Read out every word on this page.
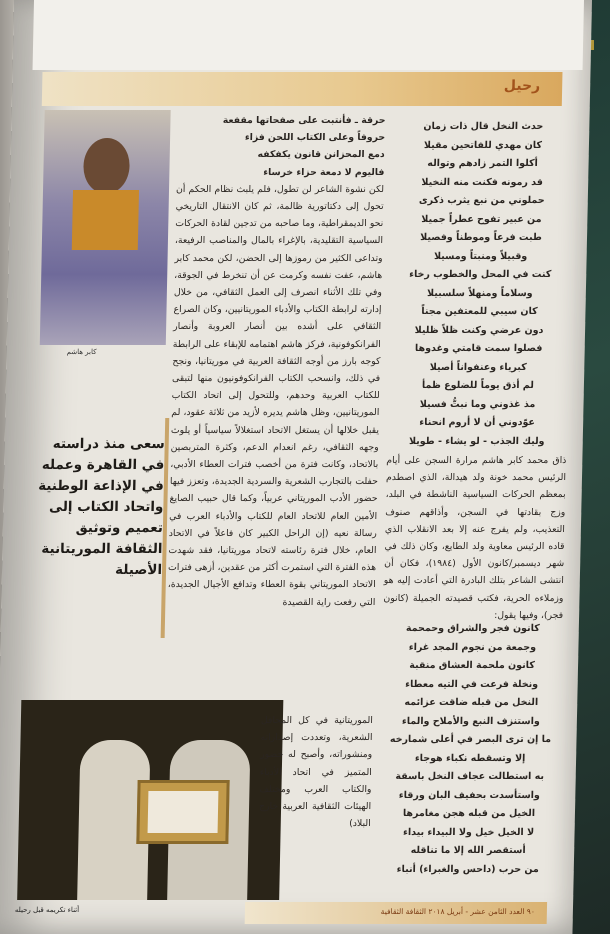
رحيل
كابر هاشم
سعى منذ دراسته في القاهرة وعمله في الإذاعة الوطنية واتحاد الكتاب إلى تعميم وتوثيق الثقافة الموريتانية الأصيلة
حرقة ـ فأنتبت على صفحاتها مقفعة
حروفاً وعلى الكتاب اللحن فزاء
دمع المحزانن قانون يكفكفه
فاليوم لا دمعة حزاء خرساء
لكن نشوة الشاعر لن تطول، فلم يلبث نظام الحكم أن تحول إلى دكتاتورية ظالمة، ثم كان الانتقال التاريخي نحو الديمقراطية، وما صاحبه من تدجين لقادة الحركات السياسية التقليدية، بالإغراء بالمال والمناصب الرفيعة، وتداعى الكثير من رموزها إلى الحضن، لكن محمد كابر هاشم، عفت نفسه وكرمت عن أن تنخرط في الجوقة، وفي تلك الأثناء انصرف إلى العمل الثقافي، من خلال إدارته لرابطة الكتاب والأدباء الموريتانيين، وكان الصراع الثقافي على أشده بين أنصار العروبة وأنصار الفرانكوفونية، فركز هاشم اهتمامه للإبقاء على الرابطة كوجه بارز من أوجه الثقافة العربية في موريتانيا، ونجح في ذلك، وانسحب الكتاب الفرانكوفونيون منها لتبقى للكتاب العربية وحدهم، وللتحول إلى اتحاد الكتاب الموريتانيين، وظل هاشم يديره لأزيد من ثلاثة عقود، لم يقبل خلالها أن يستغل الاتحاد استغلالاً سياسياً أو يلوث وجهه الثقافي، رغم انعدام الدعم، وكثرة المتربصين بالاتحاد، وكانت فترة من أخصب فترات العطاء الأدبي، حفلت بالتجارب الشعرية والسردية الجديدة، وتعزز فيها حضور الأدب الموريتاني عربياً، وكما قال حبيب الصايغ الأمين العام للاتحاد العام للكتاب والأدباء العرب في رسالة نعيه (إن الراحل الكبير كان فاعلاً في الاتحاد العام، خلال فترة رئاسته لاتحاد موريتانيا، فقد شهدت هذه الفترة التي استمرت أكثر من عقدين، أزهى فترات الاتحاد الموريتاني بقوة العطاء وتدافع الأجيال الجديدة، التي رفعت راية القصيدة
حدث النخل قال ذات زمان
كان مهدي للفاتحين مقيلا
أكلوا التمر زادهم وتواله
قد رمونه فكنت منه النخيلا
حملوني من نبع يثرب ذكرى
من عبير تفوح عطراً جميلا
طبت فرعاً وموطناً وفصيلا
وقبيلاً ومنبتاً ومسيلا
كنت في المحل والخطوب رخاء
وسلاماً ومنهلاً سلسبيلا
كان سيبي للمعتفين مجناً
دون عرضي وكنت ظلاً ظليلا
فصلوا سمت قامتي وغدوها
كبرياء وعنفواناً أصيلا
لم أذق يوماً للضلوع ظمأ
مذ غذوني وما نبتُّ فسيلا
عوّدوني أن لا أروم انحناء
وليك الجذب - لو يشاء - طويلا
ذاق محمد كابر هاشم مرارة السجن على أيام الرئيس محمد خونة ولد هيدالة، الذي اصطدم بمعظم الحركات السياسية الناشطة في البلد، وزج بقادتها في السجن، وأذاقهم صنوف التعذيب، ولم يفرج عنه إلا بعد الانقلاب الذي قاده الرئيس معاوية ولد الطايع، وكان ذلك في شهر ديسمبر/كانون الأول (١٩٨٤)، فكان أن انتشى الشاعر بتلك البادرة التي أعادت إليه هو وزملاءه الحرية، فكتب قصيدته الجميلة (كانون فجر)، وفيها يقول:
كانون فجر والشراق وحمحمة
وجمعة من نجوم المجد غراء
كانون ملحمة العشاق منقبة
ونخلة فرعت في التيه معطاء
النخل من قبله ضاقت عزائمه
واستنزف النبع والأملاح والماء
ما إن ترى البصر في أعلى شمارخه
إلا وتسقطه نكباء هوجاء
به استطالت عجاف النخل باسقة
واستأسدت بحفيف البان ورقاء
الخيل من قبله هجن مغامرها
لا الخيل خيل ولا البيداء بيداء
أستقصر الله إلا ما تناقله
من حرب (داحس والغبراء) أنباء
الموريتانية في كل المحافل الشعرية، وتعددت إصداراته ومنشوراته، وأصبح له حضور المتميز في اتحاد الأدباء والكتاب العرب ومختلف الهيئات الثقافية العربية خارج البلاد)
أثناء تكريمه قبل رحيله	٩٠ العدد الثامن عشر - أبريل ٢٠١٨ الثقافة الثقافية
